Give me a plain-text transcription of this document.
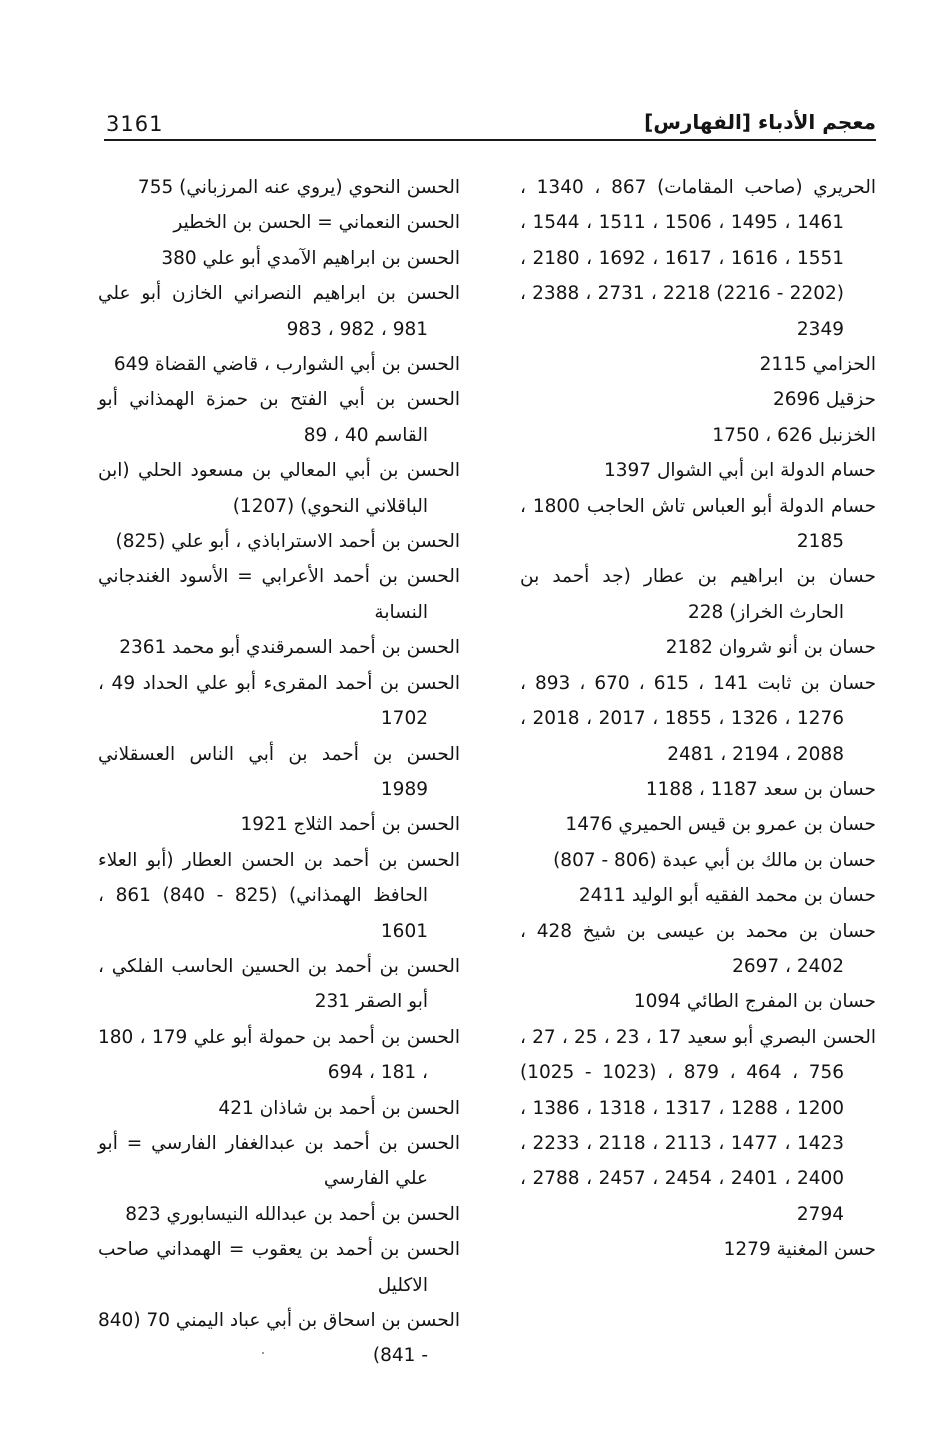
3161	معجم الأدباء [الفهارس]
الحريري (صاحب المقامات) 867 ، 1340 ، 1461 ، 1495 ، 1506 ، 1511 ، 1544 ، 1551 ، 1616 ، 1617 ، 1692 ، 2180 ، (2202 - 2216) 2218 ، 2731 ، 2388 ، 2349
الحزامي 2115
حزقيل 2696
الخزنبل 626 ، 1750
حسام الدولة ابن أبي الشوال 1397
حسام الدولة أبو العباس تاش الحاجب 1800 ، 2185
حسان بن ابراهيم بن عطار (جد أحمد بن الحارث الخراز) 228
حسان بن أنو شروان 2182
حسان بن ثابت 141 ، 615 ، 670 ، 893 ، 1276 ، 1326 ، 1855 ، 2017 ، 2018 ، 2088 ، 2194 ، 2481
حسان بن سعد 1187 ، 1188
حسان بن عمرو بن قيس الحميري 1476
حسان بن مالك بن أبي عبدة (806 - 807)
حسان بن محمد الفقيه أبو الوليد 2411
حسان بن محمد بن عيسى بن شيخ 428 ، 2402 ، 2697
حسان بن المفرج الطائي 1094
الحسن البصري أبو سعيد 17 ، 23 ، 25 ، 27 ، 756 ، 464 ، 879 ، (1023 - 1025) 1200 ، 1288 ، 1317 ، 1318 ، 1386 ، 1423 ، 1477 ، 2113 ، 2118 ، 2233 ، 2400 ، 2401 ، 2454 ، 2457 ، 2788 ، 2794
حسن المغنية 1279
الحسن النحوي (يروي عنه المرزباني) 755
الحسن النعماني = الحسن بن الخطير
الحسن بن ابراهيم الآمدي أبو علي 380
الحسن بن ابراهيم النصراني الخازن أبو علي 981 ، 982 ، 983
الحسن بن أبي الشوارب ، قاضي القضاة 649
الحسن بن أبي الفتح بن حمزة الهمذاني أبو القاسم 40 ، 89
الحسن بن أبي المعالي بن مسعود الحلي (ابن الباقلاني النحوي) (1207)
الحسن بن أحمد الاستراباذي ، أبو علي (825)
الحسن بن أحمد الأعرابي = الأسود الغندجاني النسابة
الحسن بن أحمد السمرقندي أبو محمد 2361
الحسن بن أحمد المقرىء أبو علي الحداد 49 ، 1702
الحسن بن أحمد بن أبي الناس العسقلاني 1989
الحسن بن أحمد الثلاج 1921
الحسن بن أحمد بن الحسن العطار (أبو العلاء الحافظ الهمذاني) (825 - 840) 861 ، 1601
الحسن بن أحمد بن الحسين الحاسب الفلكي ، أبو الصقر 231
الحسن بن أحمد بن حمولة أبو علي 179 ، 180 ، 181 ، 694
الحسن بن أحمد بن شاذان 421
الحسن بن أحمد بن عبدالغفار الفارسي = أبو علي الفارسي
الحسن بن أحمد بن عبدالله النيسابوري 823
الحسن بن أحمد بن يعقوب = الهمداني صاحب الاكليل
الحسن بن اسحاق بن أبي عباد اليمني 70 (840 - 841)
